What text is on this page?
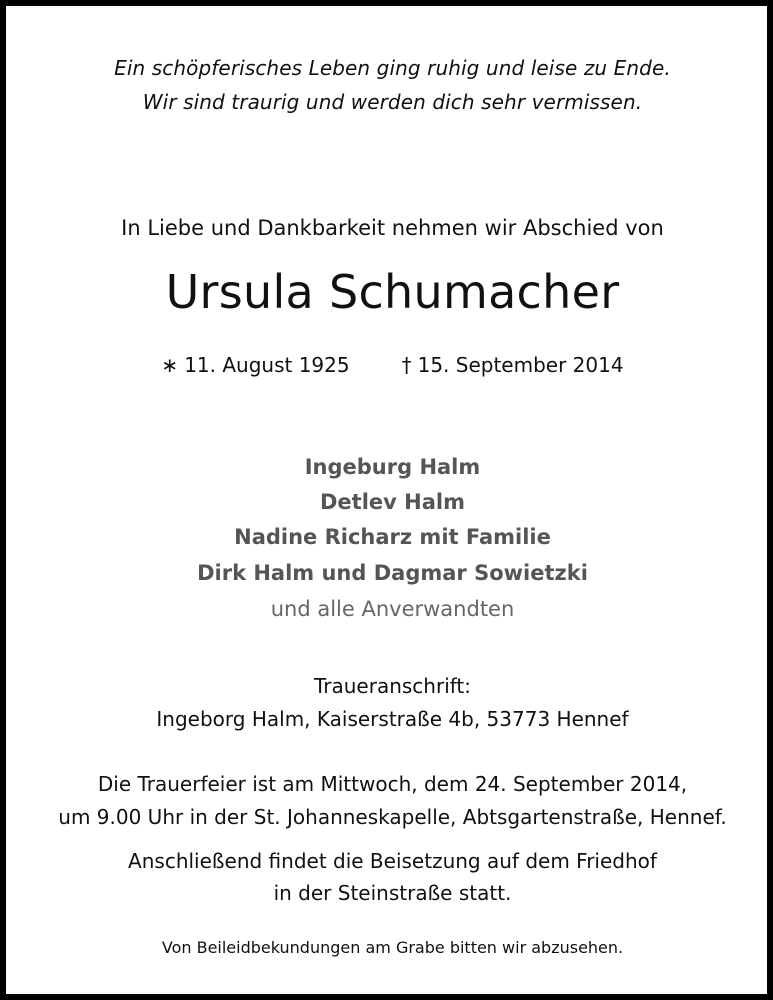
Ein schöpferisches Leben ging ruhig und leise zu Ende.
Wir sind traurig und werden dich sehr vermissen.
In Liebe und Dankbarkeit nehmen wir Abschied von
Ursula Schumacher
∗ 11. August 1925	† 15. September 2014
Ingeburg Halm
Detlev Halm
Nadine Richarz mit Familie
Dirk Halm und Dagmar Sowietzki
und alle Anverwandten
Traueranschrift:
Ingeborg Halm, Kaiserstraße 4b, 53773 Hennef
Die Trauerfeier ist am Mittwoch, dem 24. September 2014,
um 9.00 Uhr in der St. Johanneskapelle, Abtsgartenstraße, Hennef.
Anschließend findet die Beisetzung auf dem Friedhof
in der Steinstraße statt.
Von Beileidbekundungen am Grabe bitten wir abzusehen.
